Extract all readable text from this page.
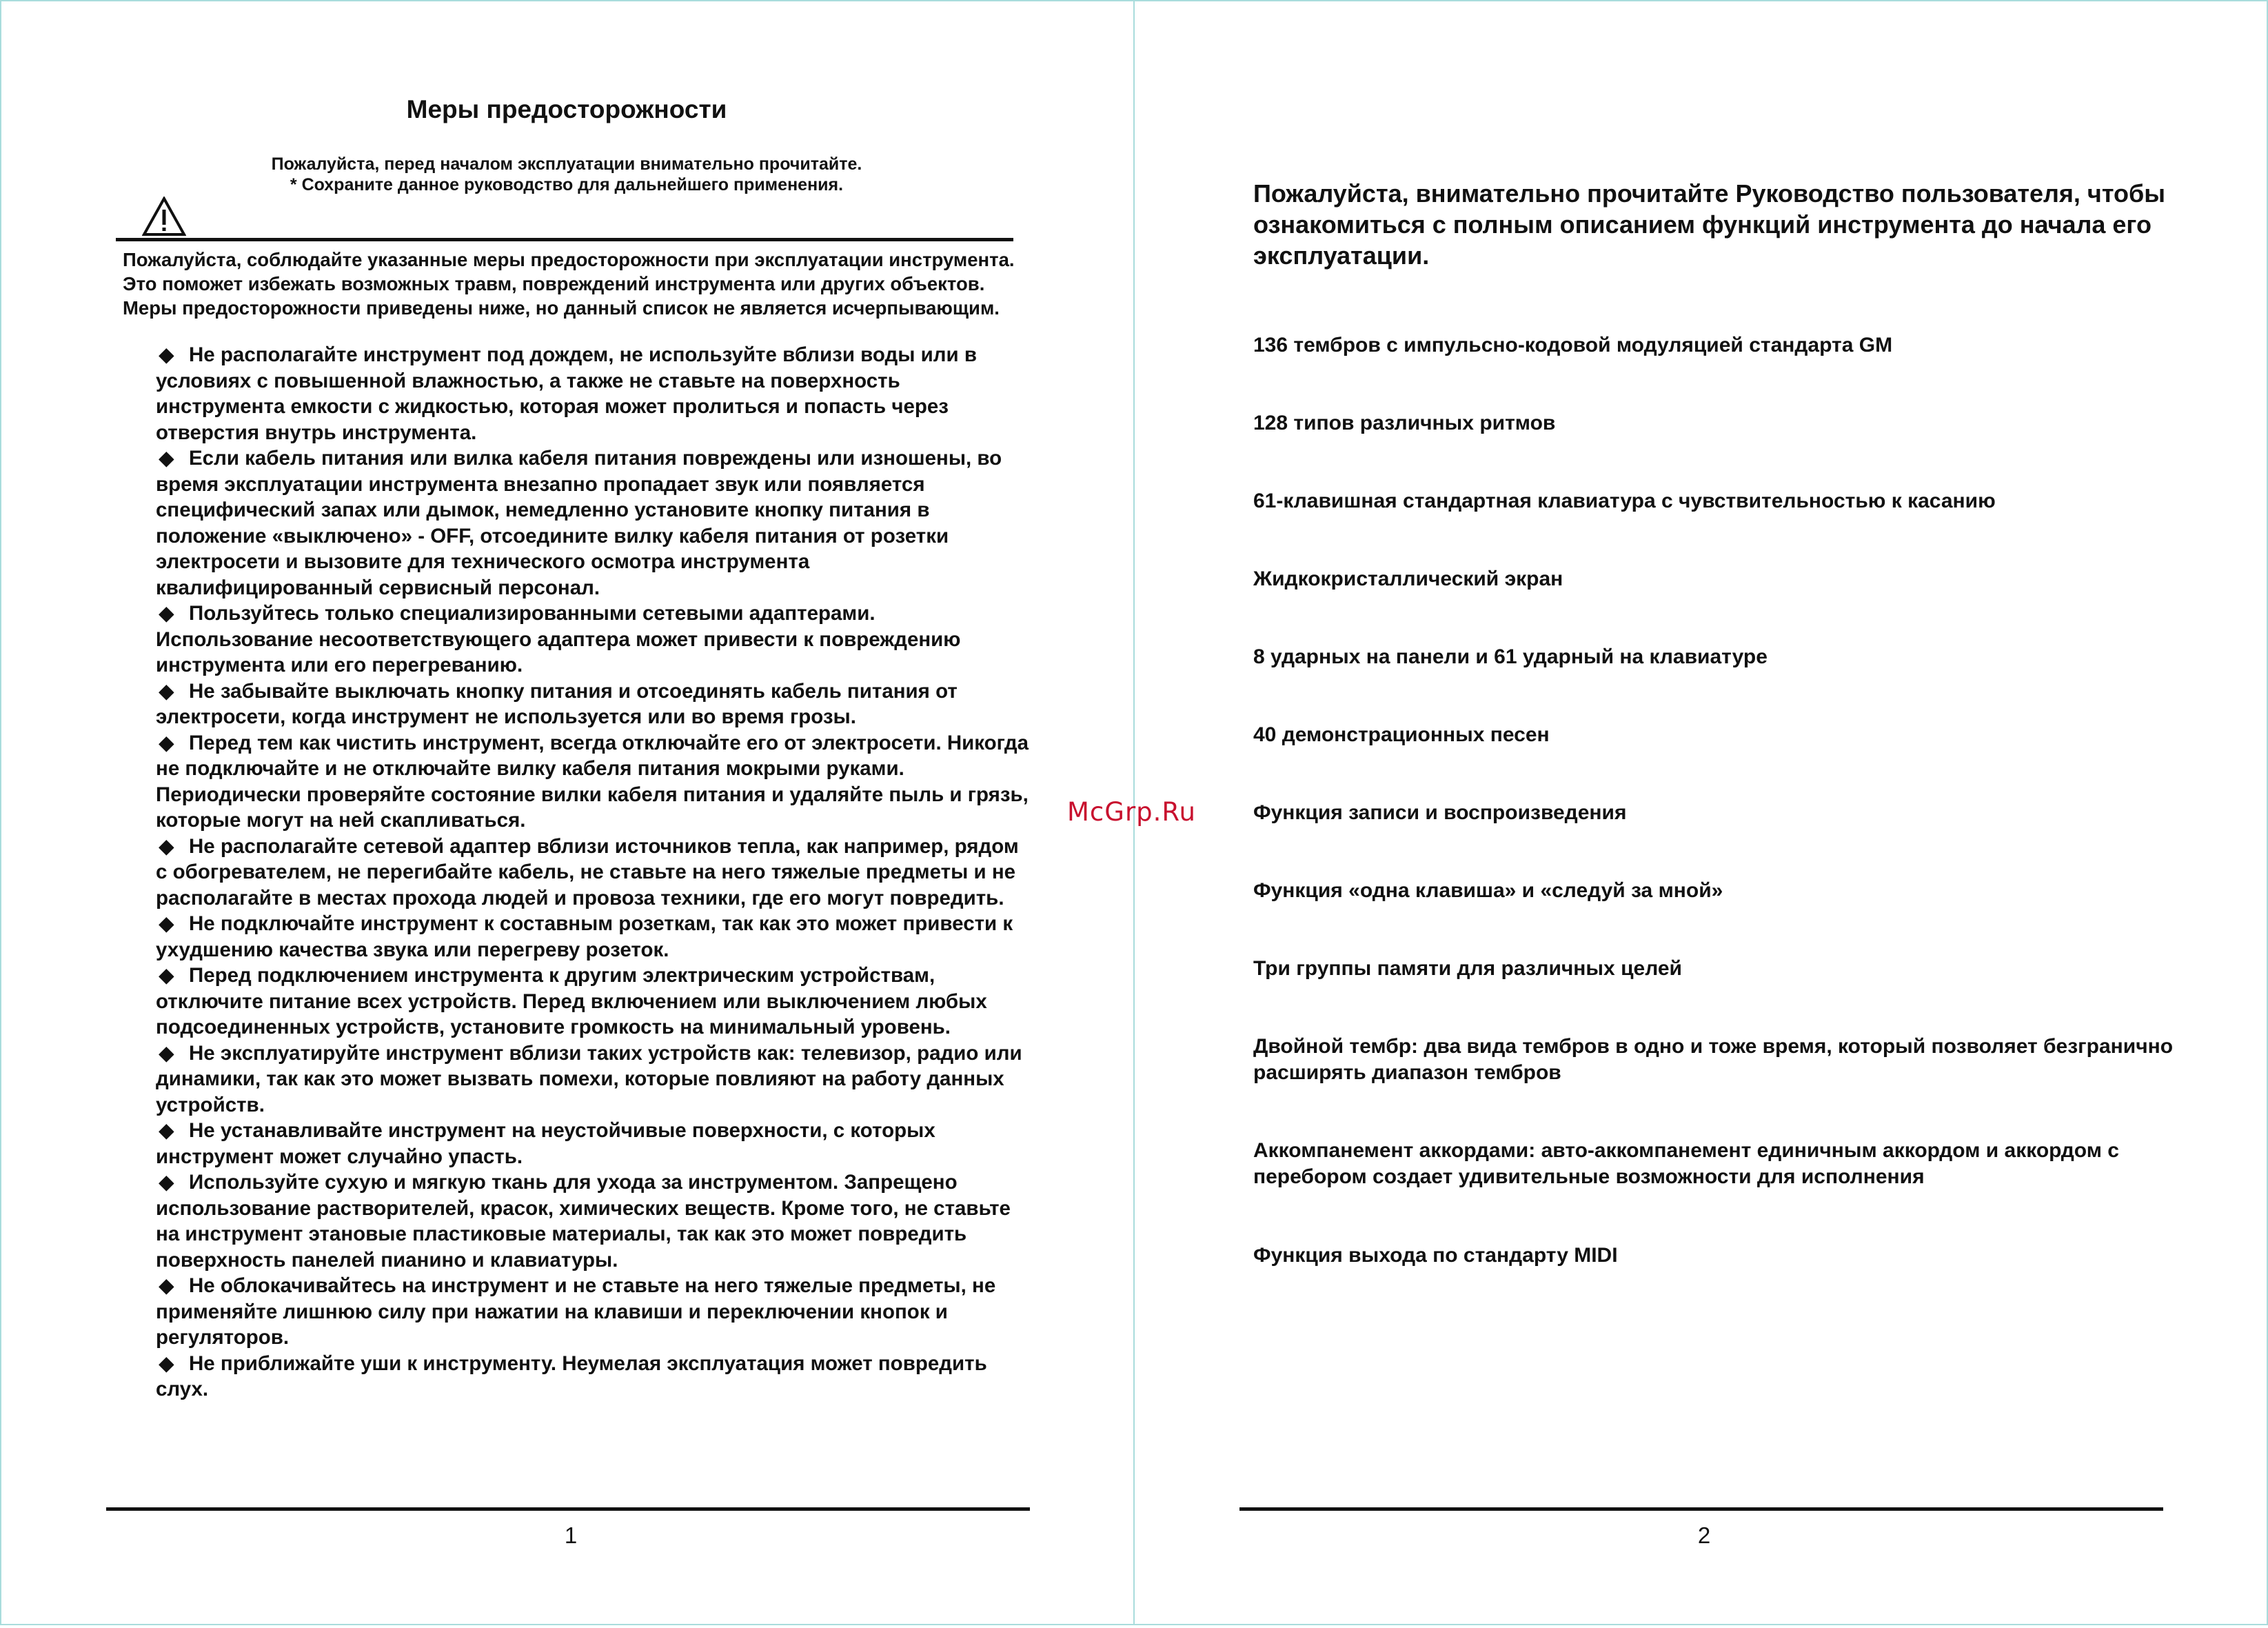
Меры предосторожности
Пожалуйста, перед началом эксплуатации внимательно прочитайте.
* Сохраните данное руководство для дальнейшего применения.
Пожалуйста, соблюдайте указанные меры предосторожности при эксплуатации инструмента. Это поможет избежать возможных травм, повреждений инструмента или других объектов. Меры предосторожности приведены ниже, но данный список не является исчерпывающим.
◆ Не располагайте инструмент под дождем, не используйте вблизи воды или в условиях с повышенной влажностью, а также не ставьте на поверхность инструмента емкости с жидкостью, которая может пролиться и попасть через отверстия внутрь инструмента.
◆ Если кабель питания или вилка кабеля питания повреждены или изношены, во время эксплуатации инструмента внезапно пропадает звук или появляется специфический запах или дымок, немедленно установите кнопку питания в положение «выключено» - OFF, отсоедините вилку кабеля питания от розетки электросети и вызовите для технического осмотра инструмента квалифицированный сервисный персонал.
◆ Пользуйтесь только специализированными сетевыми адаптерами. Использование несоответствующего адаптера может привести к повреждению инструмента или его перегреванию.
◆ Не забывайте выключать кнопку питания и отсоединять кабель питания от электросети, когда инструмент не используется или во время грозы.
◆ Перед тем как чистить инструмент, всегда отключайте его от электросети. Никогда не подключайте и не отключайте вилку кабеля питания мокрыми руками. Периодически проверяйте состояние вилки кабеля питания и удаляйте пыль и грязь, которые могут на ней скапливаться.
◆ Не располагайте сетевой адаптер вблизи источников тепла, как например, рядом с обогревателем, не перегибайте кабель, не ставьте на него тяжелые предметы и не располагайте в местах прохода людей и провоза техники, где его могут повредить.
◆ Не подключайте инструмент к составным розеткам, так как это может привести к ухудшению качества звука или перегреву розеток.
◆ Перед подключением инструмента к другим электрическим устройствам, отключите питание всех устройств. Перед включением или выключением любых подсоединенных устройств, установите громкость на минимальный уровень.
◆ Не эксплуатируйте инструмент вблизи таких устройств как: телевизор, радио или динамики, так как это может вызвать помехи, которые повлияют на работу данных устройств.
◆ Не устанавливайте инструмент на неустойчивые поверхности, с которых инструмент может случайно упасть.
◆ Используйте сухую и мягкую ткань для ухода за инструментом. Запрещено использование растворителей, красок, химических веществ. Кроме того, не ставьте на инструмент этановые пластиковые материалы, так как это может повредить поверхность панелей пианино и клавиатуры.
◆ Не облокачивайтесь на инструмент и не ставьте на него тяжелые предметы, не применяйте лишнюю силу при нажатии на клавиши и переключении кнопок и регуляторов.
◆ Не приближайте уши к инструменту. Неумелая эксплуатация может повредить слух.
1
Пожалуйста, внимательно прочитайте Руководство пользователя, чтобы ознакомиться с полным описанием функций инструмента до начала его эксплуатации.
136 тембров с импульсно-кодовой модуляцией стандарта GM
128 типов различных ритмов
61-клавишная стандартная клавиатура с чувствительностью к касанию
Жидкокристаллический экран
8 ударных на панели и 61 ударный на клавиатуре
40 демонстрационных песен
Функция записи и воспроизведения
Функция «одна клавиша» и «следуй за мной»
Три группы памяти для различных целей
Двойной тембр: два вида тембров в одно и тоже время, который позволяет безгранично расширять диапазон тембров
Аккомпанемент аккордами: авто-аккомпанемент единичным аккордом и аккордом с перебором создает удивительные возможности для исполнения
Функция выхода по стандарту MIDI
2
McGrp.Ru
